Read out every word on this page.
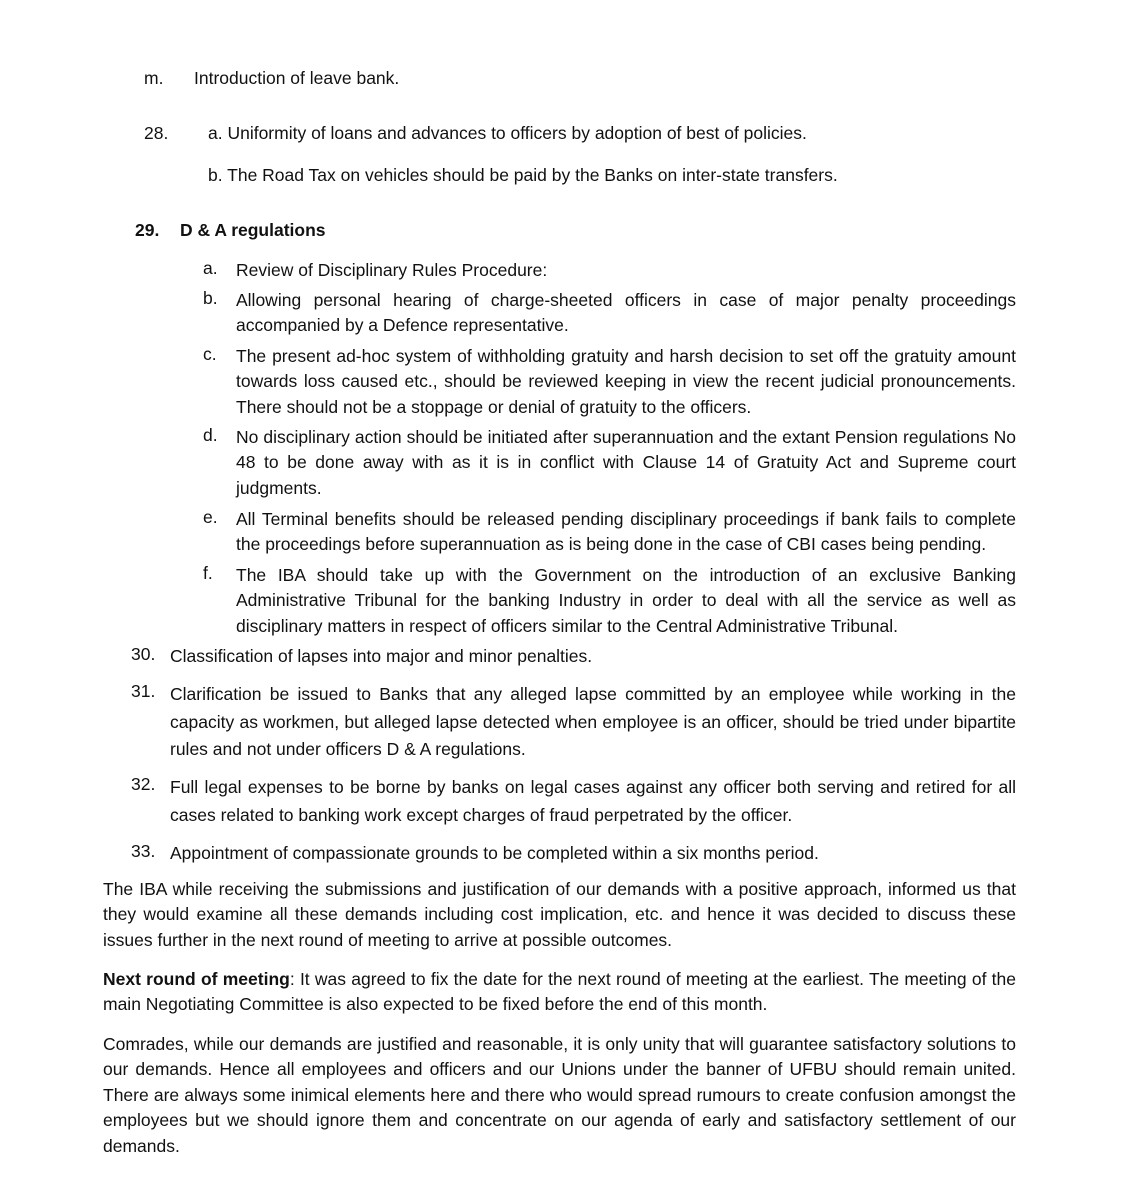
m. Introduction of leave bank.
28. a. Uniformity of loans and advances to officers by adoption of best of policies.
b. The Road Tax on vehicles should be paid by the Banks on inter-state transfers.
29. D & A regulations
a. Review of Disciplinary Rules Procedure:
b. Allowing personal hearing of charge-sheeted officers in case of major penalty proceedings accompanied by a Defence representative.
c. The present ad-hoc system of withholding gratuity and harsh decision to set off the gratuity amount towards loss caused etc., should be reviewed keeping in view the recent judicial pronouncements. There should not be a stoppage or denial of gratuity to the officers.
d. No disciplinary action should be initiated after superannuation and the extant Pension regulations No 48 to be done away with as it is in conflict with Clause 14 of Gratuity Act and Supreme court judgments.
e. All Terminal benefits should be released pending disciplinary proceedings if bank fails to complete the proceedings before superannuation as is being done in the case of CBI cases being pending.
f. The IBA should take up with the Government on the introduction of an exclusive Banking Administrative Tribunal for the banking Industry in order to deal with all the service as well as disciplinary matters in respect of officers similar to the Central Administrative Tribunal.
30. Classification of lapses into major and minor penalties.
31. Clarification be issued to Banks that any alleged lapse committed by an employee while working in the capacity as workmen, but alleged lapse detected when employee is an officer, should be tried under bipartite rules and not under officers D & A regulations.
32. Full legal expenses to be borne by banks on legal cases against any officer both serving and retired for all cases related to banking work except charges of fraud perpetrated by the officer.
33. Appointment of compassionate grounds to be completed within a six months period.
The IBA while receiving the submissions and justification of our demands with a positive approach, informed us that they would examine all these demands including cost implication, etc. and hence it was decided to discuss these issues further in the next round of meeting to arrive at possible outcomes.
Next round of meeting: It was agreed to fix the date for the next round of meeting at the earliest. The meeting of the main Negotiating Committee is also expected to be fixed before the end of this month.
Comrades, while our demands are justified and reasonable, it is only unity that will guarantee satisfactory solutions to our demands. Hence all employees and officers and our Unions under the banner of UFBU should remain united. There are always some inimical elements here and there who would spread rumours to create confusion amongst the employees but we should ignore them and concentrate on our agenda of early and satisfactory settlement of our demands.
